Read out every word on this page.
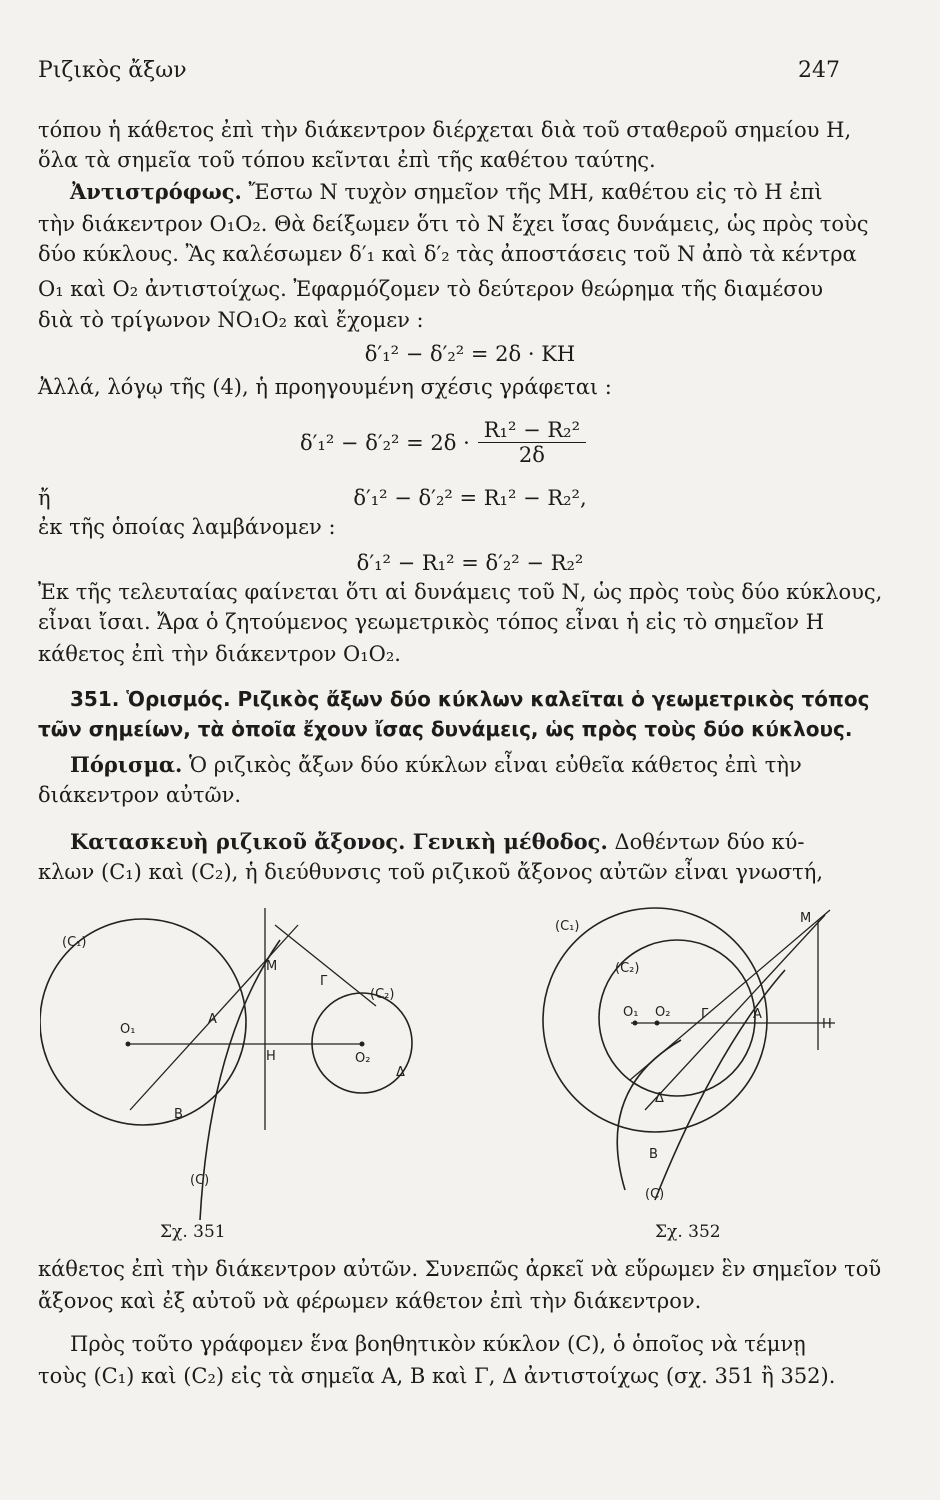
Ριζικὸς ἄξων	247
τόπου ἡ κάθετος ἐπὶ τὴν διάκεντρον διέρχεται διὰ τοῦ σταθεροῦ σημείου Η,
ὅλα τὰ σημεῖα τοῦ τόπου κεῖνται ἐπὶ τῆς καθέτου ταύτης.
Ἀντιστρόφως. Ἔστω Ν τυχὸν σημεῖον τῆς ΜΗ, καθέτου εἰς τὸ Η ἐπὶ
τὴν διάκεντρον Ο₁Ο₂. Θὰ δείξωμεν ὅτι τὸ Ν ἔχει ἴσας δυνάμεις, ὡς πρὸς τοὺς
δύο κύκλους. Ἂς καλέσωμεν δ′₁ καὶ δ′₂ τὰς ἀποστάσεις τοῦ Ν ἀπὸ τὰ κέντρα
Ο₁ καὶ Ο₂ ἀντιστοίχως. Ἐφαρμόζομεν τὸ δεύτερον θεώρημα τῆς διαμέσου
διὰ τὸ τρίγωνον ΝΟ₁Ο₂ καὶ ἔχομεν :
δ′₁² − δ′₂² = 2δ · ΚΗ
Ἀλλά, λόγῳ τῆς (4), ἡ προηγουμένη σχέσις γράφεται :
$\delta'_1^2 - \delta'_2^2 = 2\delta \cdot \frac{\text{R₁² − R₂²}}{2\delta}$
ἤ	δ′₁² − δ′₂² = R₁² − R₂²,
ἐκ τῆς ὁποίας λαμβάνομεν :
δ′₁² − R₁² = δ′₂² − R₂²
Ἐκ τῆς τελευταίας φαίνεται ὅτι αἱ δυνάμεις τοῦ Ν, ὡς πρὸς τοὺς δύο κύκλους,
εἶναι ἴσαι. Ἄρα ὁ ζητούμενος γεωμετρικὸς τόπος εἶναι ἡ εἰς τὸ σημεῖον Η
κάθετος ἐπὶ τὴν διάκεντρον Ο₁Ο₂.
351. Ὁρισμός. Ριζικὸς ἄξων δύο κύκλων καλεῖται ὁ γεωμετρικὸς τόπος
τῶν σημείων, τὰ ὁποῖα ἔχουν ἴσας δυνάμεις, ὡς πρὸς τοὺς δύο κύκλους.
Πόρισμα. Ὁ ριζικὸς ἄξων δύο κύκλων εἶναι εὐθεῖα κάθετος ἐπὶ τὴν
διάκεντρον αὐτῶν.
Κατασκευὴ ριζικοῦ ἄξονος. Γενικὴ μέθοδος. Δοθέντων δύο κύ-
κλων (C₁) καὶ (C₂), ἡ διεύθυνσις τοῦ ριζικοῦ ἄξονος αὐτῶν εἶναι γνωστή,
(C₁)
(C₂)
(C)
M
A
B
Γ
Δ
H
O₁
O₂
Σχ. 351
(C₁)
(C₂)
(C)
M
A
B
Γ
Δ
H
O₁ O₂
Σχ. 352
κάθετος ἐπὶ τὴν διάκεντρον αὐτῶν. Συνεπῶς ἀρκεῖ νὰ εὕρωμεν ἓν σημεῖον τοῦ
ἄξονος καὶ ἐξ αὐτοῦ νὰ φέρωμεν κάθετον ἐπὶ τὴν διάκεντρον.
Πρὸς τοῦτο γράφομεν ἕνα βοηθητικὸν κύκλον (C), ὁ ὁποῖος νὰ τέμνῃ
τοὺς (C₁) καὶ (C₂) εἰς τὰ σημεῖα Α, Β καὶ Γ, Δ ἀντιστοίχως (σχ. 351 ἢ 352).
